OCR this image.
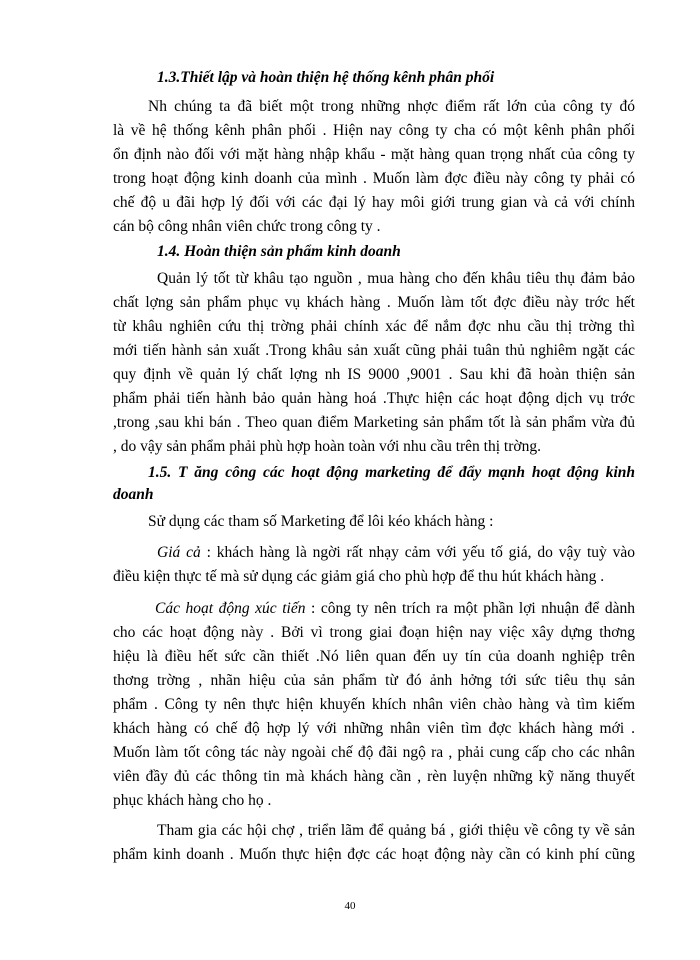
1.3.Thiết lập và hoàn thiện hệ thống kênh phân phối
Nh chúng ta đã biết một trong những nhợc điểm rất lớn của công ty đó
là về hệ thống kênh phân phối . Hiện nay công ty cha có một kênh phân phối
ổn định nào đối với mặt hàng nhập khẩu - mặt hàng quan trọng nhất của công ty
trong hoạt động kinh doanh của mình . Muốn làm đợc điều này công ty phải có
chế độ u đãi hợp lý đối với các đại lý hay môi giới trung gian và cả với chính
cán bộ công nhân viên chức trong công ty .
1.4. Hoàn thiện sản phẩm kinh doanh
Quản lý tốt từ khâu tạo nguồn , mua hàng cho đến khâu tiêu thụ đảm bảo
chất lợng sản phẩm phục vụ khách hàng . Muốn làm tốt đợc điều này trớc hết
từ khâu nghiên cứu thị trờng phải chính xác để nắm đợc nhu cầu thị trờng thì
mới tiến hành sản xuất .Trong khâu sản xuất cũng phải tuân thủ nghiêm ngặt các
quy định về quản lý chất lợng nh IS 9000 ,9001 . Sau khi đã hoàn thiện sản
phẩm phải tiến hành bảo quản hàng hoá .Thực hiện các hoạt động dịch vụ trớc
,trong ,sau khi bán . Theo quan điểm Marketing sản phẩm tốt là sản phẩm vừa đủ
, do vậy sản phẩm phải phù hợp hoàn toàn với nhu cầu trên thị trờng.
1.5. T ăng công các hoạt động marketing để đẩy mạnh hoạt động kinh
doanh
Sử dụng các tham số Marketing để lôi kéo khách hàng :
Giá cả : khách hàng là ngời rất nhạy cảm với yếu tố giá, do vậy tuỳ vào
điều kiện thực tế mà sử dụng các giảm giá cho phù hợp để thu hút khách hàng .
Các hoạt động xúc tiến : công ty nên trích ra một phần lợi nhuận để dành
cho các hoạt động này . Bởi vì trong giai đoạn hiện nay việc xây dựng thơng
hiệu là điều hết sức cần thiết .Nó liên quan đến uy tín của doanh nghiệp trên
thơng trờng , nhãn hiệu của sản phẩm từ đó ảnh hởng tới sức tiêu thụ sản
phẩm . Công ty nên thực hiện khuyến khích nhân viên chào hàng và tìm kiếm
khách hàng có chế độ hợp lý với những nhân viên tìm đợc khách hàng mới .
Muốn làm tốt công tác này ngoài chế độ đãi ngộ ra , phải cung cấp cho các nhân
viên đầy đủ các thông tin mà khách hàng cần , rèn luyện những kỹ năng thuyết
phục khách hàng cho họ .
Tham gia các hội chợ , triển lãm để quảng bá , giới thiệu về công ty về sản
phẩm kinh doanh . Muốn thực hiện đợc các hoạt động này cần có kinh phí cũng
40
